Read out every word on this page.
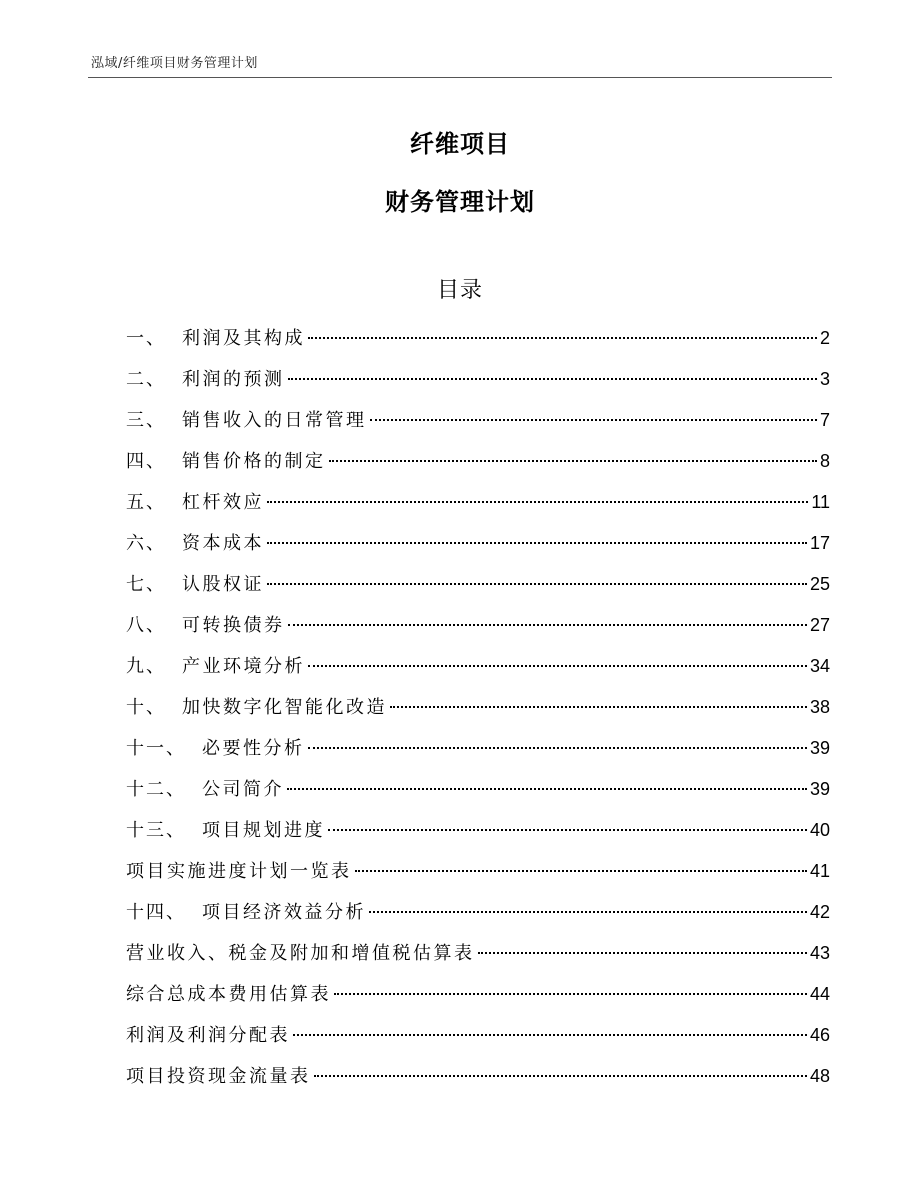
泓域/纤维项目财务管理计划
纤维项目
财务管理计划
目录
一、 利润及其构成	2
二、 利润的预测	3
三、 销售收入的日常管理	7
四、 销售价格的制定	8
五、 杠杆效应	11
六、 资本成本	17
七、 认股权证	25
八、 可转换债券	27
九、 产业环境分析	34
十、 加快数字化智能化改造	38
十一、 必要性分析	39
十二、 公司简介	39
十三、 项目规划进度	40
项目实施进度计划一览表	41
十四、 项目经济效益分析	42
营业收入、税金及附加和增值税估算表	43
综合总成本费用估算表	44
利润及利润分配表	46
项目投资现金流量表	48
